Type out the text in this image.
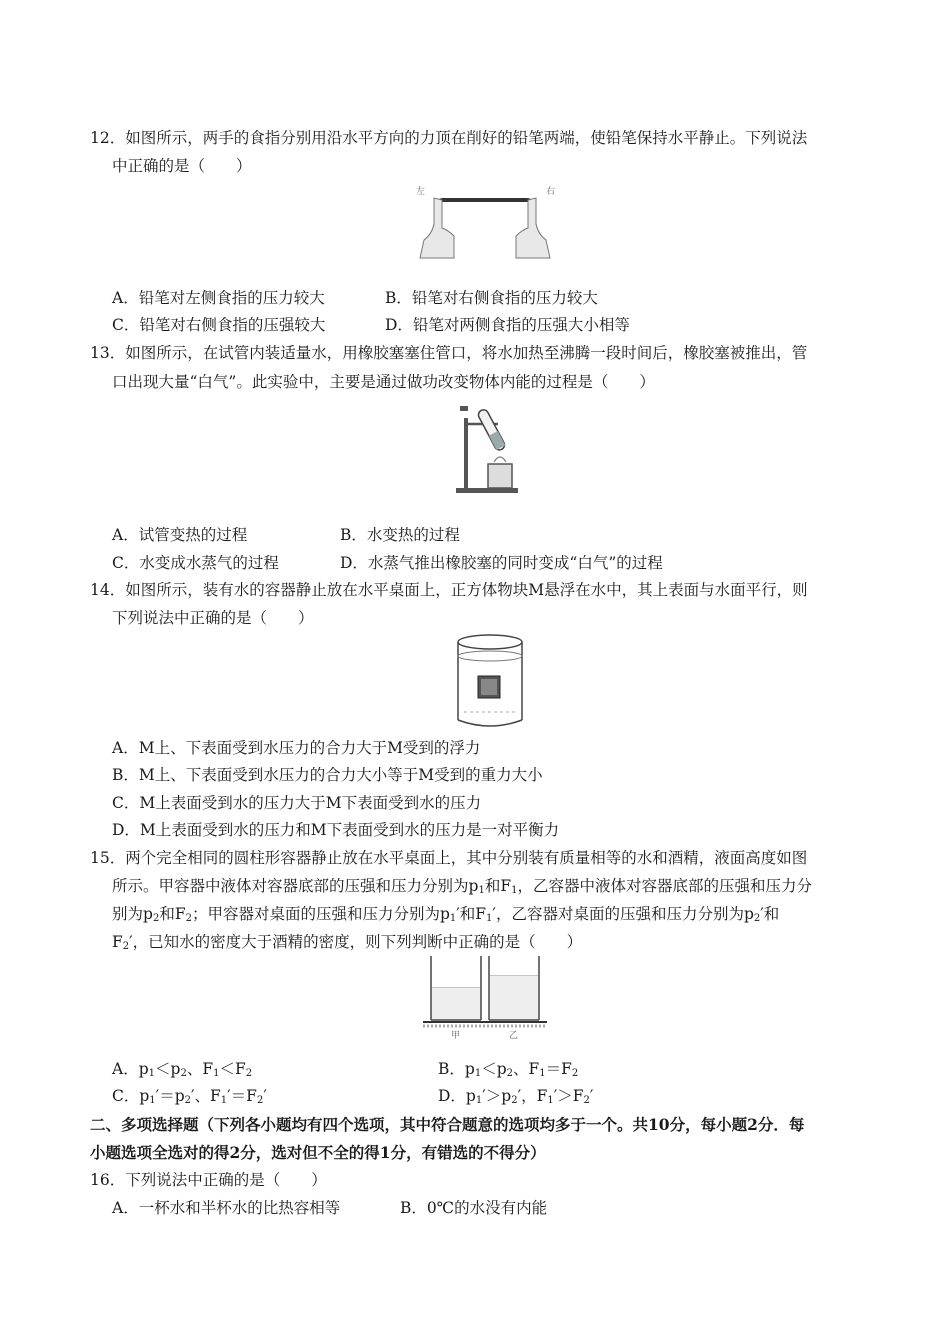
12．如图所示，两手的食指分别用沿水平方向的力顶在削好的铅笔两端，使铅笔保持水平静止。下列说法
中正确的是（　　）
左	右
A．铅笔对左侧食指的压力较大	B．铅笔对右侧食指的压力较大
C．铅笔对右侧食指的压强较大	D．铅笔对两侧食指的压强大小相等
13．如图所示，在试管内装适量水，用橡胶塞塞住管口，将水加热至沸腾一段时间后，橡胶塞被推出，管
口出现大量“白气”。此实验中，主要是通过做功改变物体内能的过程是（　　）
A．试管变热的过程	B．水变热的过程
C．水变成水蒸气的过程	D．水蒸气推出橡胶塞的同时变成“白气”的过程
14．如图所示，装有水的容器静止放在水平桌面上，正方体物块M悬浮在水中，其上表面与水面平行，则
下列说法中正确的是（　　）
A．M上、下表面受到水压力的合力大于M受到的浮力
B．M上、下表面受到水压力的合力大小等于M受到的重力大小
C．M上表面受到水的压力大于M下表面受到水的压力
D．M上表面受到水的压力和M下表面受到水的压力是一对平衡力
15．两个完全相同的圆柱形容器静止放在水平桌面上，其中分别装有质量相等的水和酒精，液面高度如图
所示。甲容器中液体对容器底部的压强和压力分别为$p_1$和$F_1$，乙容器中液体对容器底部的压强和压力分
别为$p_2$和$F_2$；甲容器对桌面的压强和压力分别为$p_1'$和$F_1'$，乙容器对桌面的压强和压力分别为$p_2'$和
$F_2'$，已知水的密度大于酒精的密度，则下列判断中正确的是（　　）
甲	乙
A．$p_1<p_2$、$F_1<F_2$	B．$p_1<p_2$、$F_1=F_2$
C．$p_1'=p_2'$、$F_1'=F_2'$	D．$p_1'>p_2'$，$F_1'>F_2'$
二、多项选择题（下列各小题均有四个选项，其中符合题意的选项均多于一个。共10分，每小题2分．每
小题选项全选对的得2分，选对但不全的得1分，有错选的不得分）
16．下列说法中正确的是（　　）
A．一杯水和半杯水的比热容相等	B．0℃的水没有内能
